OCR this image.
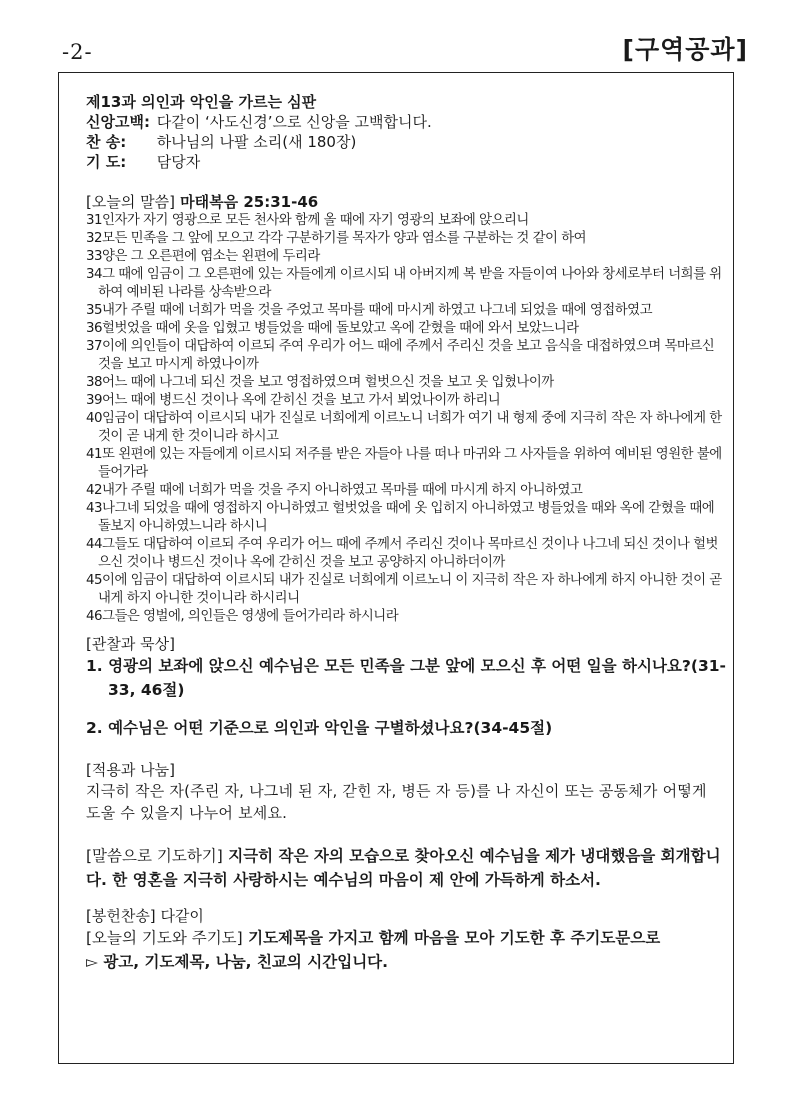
-2-	[구역공과]
제13과 의인과 악인을 가르는 심판
신앙고백: 다같이 ‘사도신경’으로 신앙을 고백합니다.
찬 송: 하나님의 나팔 소리(새 180장)
기 도: 담당자
[오늘의 말씀] 마태복음 25:31-46
31인자가 자기 영광으로 모든 천사와 함께 올 때에 자기 영광의 보좌에 앉으리니
32모든 민족을 그 앞에 모으고 각각 구분하기를 목자가 양과 염소를 구분하는 것 같이 하여
33양은 그 오른편에 염소는 왼편에 두리라
34그 때에 임금이 그 오른편에 있는 자들에게 이르시되 내 아버지께 복 받을 자들이여 나아와 창세로부터 너희를 위하여 예비된 나라를 상속받으라
35내가 주릴 때에 너희가 먹을 것을 주었고 목마를 때에 마시게 하였고 나그네 되었을 때에 영접하였고
36헐벗었을 때에 옷을 입혔고 병들었을 때에 돌보았고 옥에 갇혔을 때에 와서 보았느니라
37이에 의인들이 대답하여 이르되 주여 우리가 어느 때에 주께서 주리신 것을 보고 음식을 대접하였으며 목마르신 것을 보고 마시게 하였나이까
38어느 때에 나그네 되신 것을 보고 영접하였으며 헐벗으신 것을 보고 옷 입혔나이까
39어느 때에 병드신 것이나 옥에 갇히신 것을 보고 가서 뵈었나이까 하리니
40임금이 대답하여 이르시되 내가 진실로 너희에게 이르노니 너희가 여기 내 형제 중에 지극히 작은 자 하나에게 한 것이 곧 내게 한 것이니라 하시고
41또 왼편에 있는 자들에게 이르시되 저주를 받은 자들아 나를 떠나 마귀와 그 사자들을 위하여 예비된 영원한 불에 들어가라
42내가 주릴 때에 너희가 먹을 것을 주지 아니하였고 목마를 때에 마시게 하지 아니하였고
43나그네 되었을 때에 영접하지 아니하였고 헐벗었을 때에 옷 입히지 아니하였고 병들었을 때와 옥에 갇혔을 때에 돌보지 아니하였느니라 하시니
44그들도 대답하여 이르되 주여 우리가 어느 때에 주께서 주리신 것이나 목마르신 것이나 나그네 되신 것이나 헐벗으신 것이나 병드신 것이나 옥에 갇히신 것을 보고 공양하지 아니하더이까
45이에 임금이 대답하여 이르시되 내가 진실로 너희에게 이르노니 이 지극히 작은 자 하나에게 하지 아니한 것이 곧 내게 하지 아니한 것이니라 하시리니
46그들은 영벌에, 의인들은 영생에 들어가리라 하시니라
[관찰과 묵상]
1. 영광의 보좌에 앉으신 예수님은 모든 민족을 그분 앞에 모으신 후 어떤 일을 하시나요?(31-33, 46절)
2. 예수님은 어떤 기준으로 의인과 악인을 구별하셨나요?(34-45절)
[적용과 나눔]
지극히 작은 자(주린 자, 나그네 된 자, 갇힌 자, 병든 자 등)를 나 자신이 또는 공동체가 어떻게 도울 수 있을지 나누어 보세요.
[말씀으로 기도하기] 지극히 작은 자의 모습으로 찾아오신 예수님을 제가 냉대했음을 회개합니다. 한 영혼을 지극히 사랑하시는 예수님의 마음이 제 안에 가득하게 하소서.
[봉헌찬송] 다같이
[오늘의 기도와 주기도] 기도제목을 가지고 함께 마음을 모아 기도한 후 주기도문으로
▻ 광고, 기도제목, 나눔, 친교의 시간입니다.
